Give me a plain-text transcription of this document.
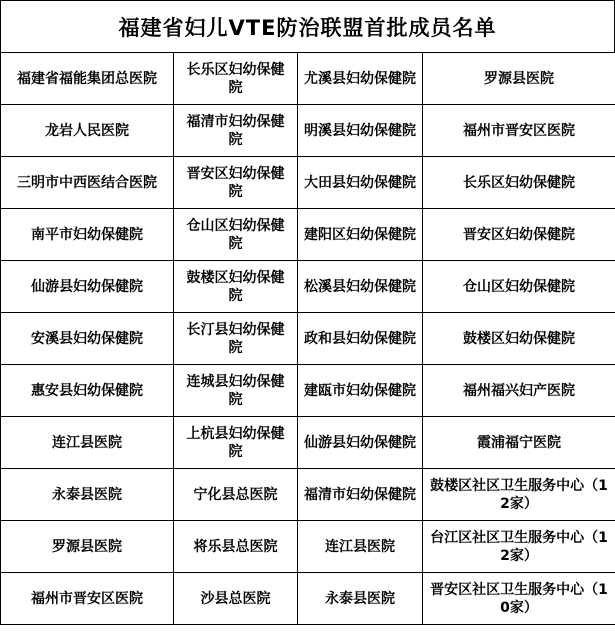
福建省妇儿VTE防治联盟首批成员名单
福建省福能集团总医院	长乐区妇幼保健院	尤溪县妇幼保健院	罗源县医院
龙岩人民医院	福清市妇幼保健院	明溪县妇幼保健院	福州市晋安区医院
三明市中西医结合医院	晋安区妇幼保健院	大田县妇幼保健院	长乐区妇幼保健院
南平市妇幼保健院	仓山区妇幼保健院	建阳区妇幼保健院	晋安区妇幼保健院
仙游县妇幼保健院	鼓楼区妇幼保健院	松溪县妇幼保健院	仓山区妇幼保健院
安溪县妇幼保健院	长汀县妇幼保健院	政和县妇幼保健院	鼓楼区妇幼保健院
惠安县妇幼保健院	连城县妇幼保健院	建瓯市妇幼保健院	福州福兴妇产医院
连江县医院	上杭县妇幼保健院	仙游县妇幼保健院	霞浦福宁医院
永泰县医院	宁化县总医院	福清市妇幼保健院	鼓楼区社区卫生服务中心（12家）
罗源县医院	将乐县总医院	连江县医院	台江区社区卫生服务中心（12家）
福州市晋安区医院	沙县总医院	永泰县医院	晋安区社区卫生服务中心（10家）
